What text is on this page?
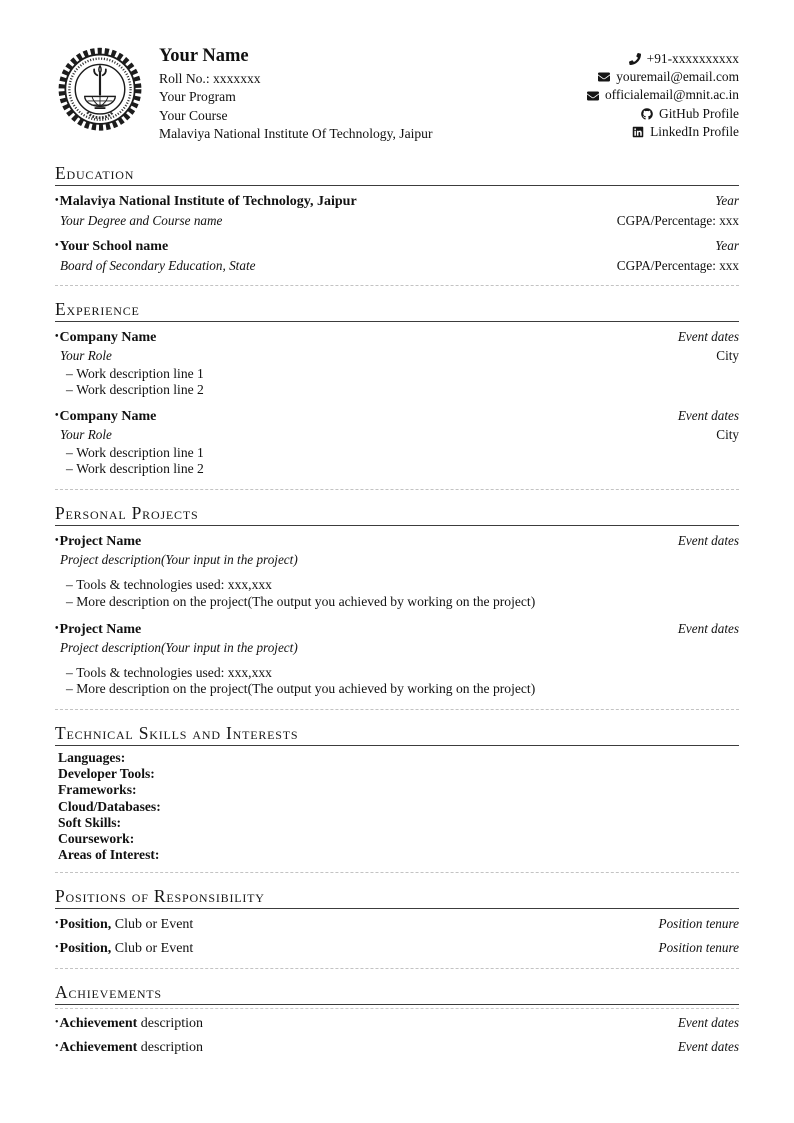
Your Name
Roll No.: xxxxxxx
Your Program
Your Course
Malaviya National Institute Of Technology, Jaipur
+91-xxxxxxxxxx
youremail@email.com
officialemail@mnit.ac.in
GitHub Profile
LinkedIn Profile
Education
• Malaviya National Institute of Technology, Jaipur	Year
Your Degree and Course name	CGPA/Percentage: xxx
• Your School name	Year
Board of Secondary Education, State	CGPA/Percentage: xxx
Experience
• Company Name	Event dates
Your Role	City
– Work description line 1
– Work description line 2
• Company Name	Event dates
Your Role	City
– Work description line 1
– Work description line 2
Personal Projects
• Project Name	Event dates
Project description(Your input in the project)
– Tools & technologies used: xxx,xxx
– More description on the project(The output you achieved by working on the project)
• Project Name	Event dates
Project description(Your input in the project)
– Tools & technologies used: xxx,xxx
– More description on the project(The output you achieved by working on the project)
Technical Skills and Interests
Languages:
Developer Tools:
Frameworks:
Cloud/Databases:
Soft Skills:
Coursework:
Areas of Interest:
Positions of Responsibility
• Position, Club or Event	Position tenure
• Position, Club or Event	Position tenure
Achievements
• Achievement description	Event dates
• Achievement description	Event dates
